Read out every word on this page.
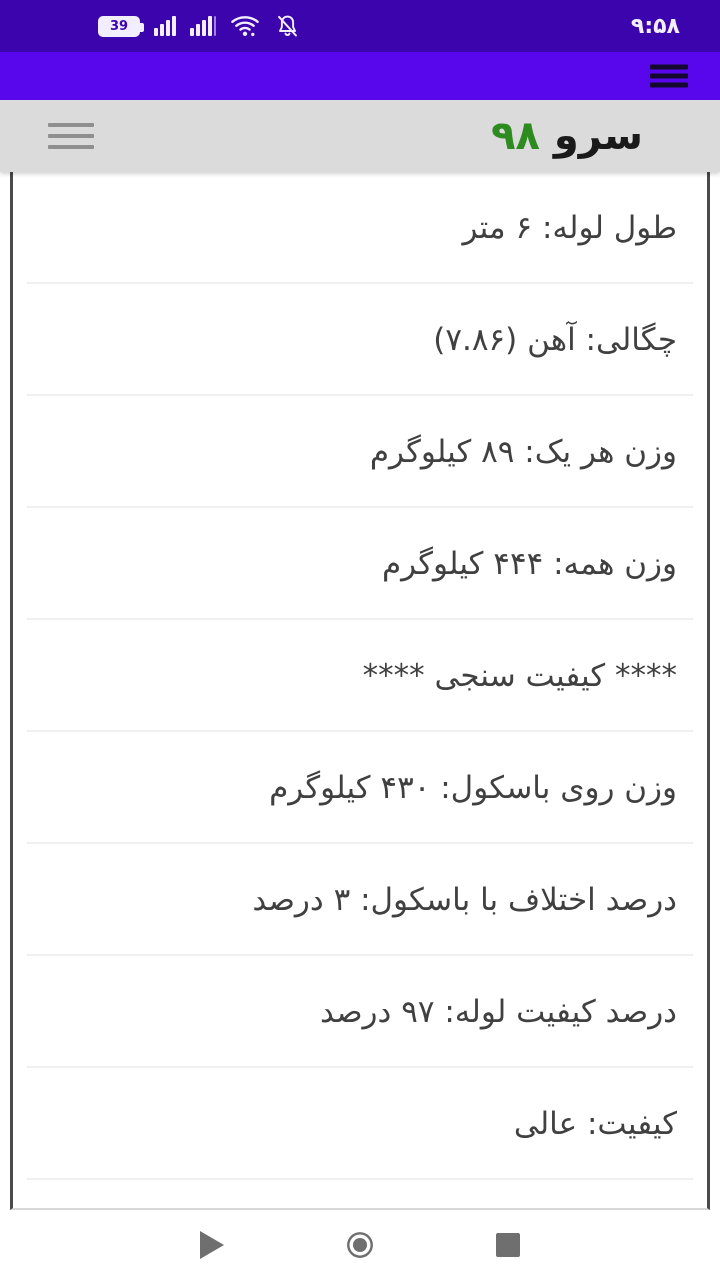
39	۹:۵۸
سرو ۹۸
طول لوله: ۶ متر
چگالی: آهن (۷.۸۶)
وزن هر یک: ۸۹ کیلوگرم
وزن همه: ۴۴۴ کیلوگرم
**** کیفیت سنجی ****
وزن روی باسکول: ۴۳۰ کیلوگرم
درصد اختلاف با باسکول: ۳ درصد
درصد کیفیت لوله: ۹۷ درصد
کیفیت: عالی
